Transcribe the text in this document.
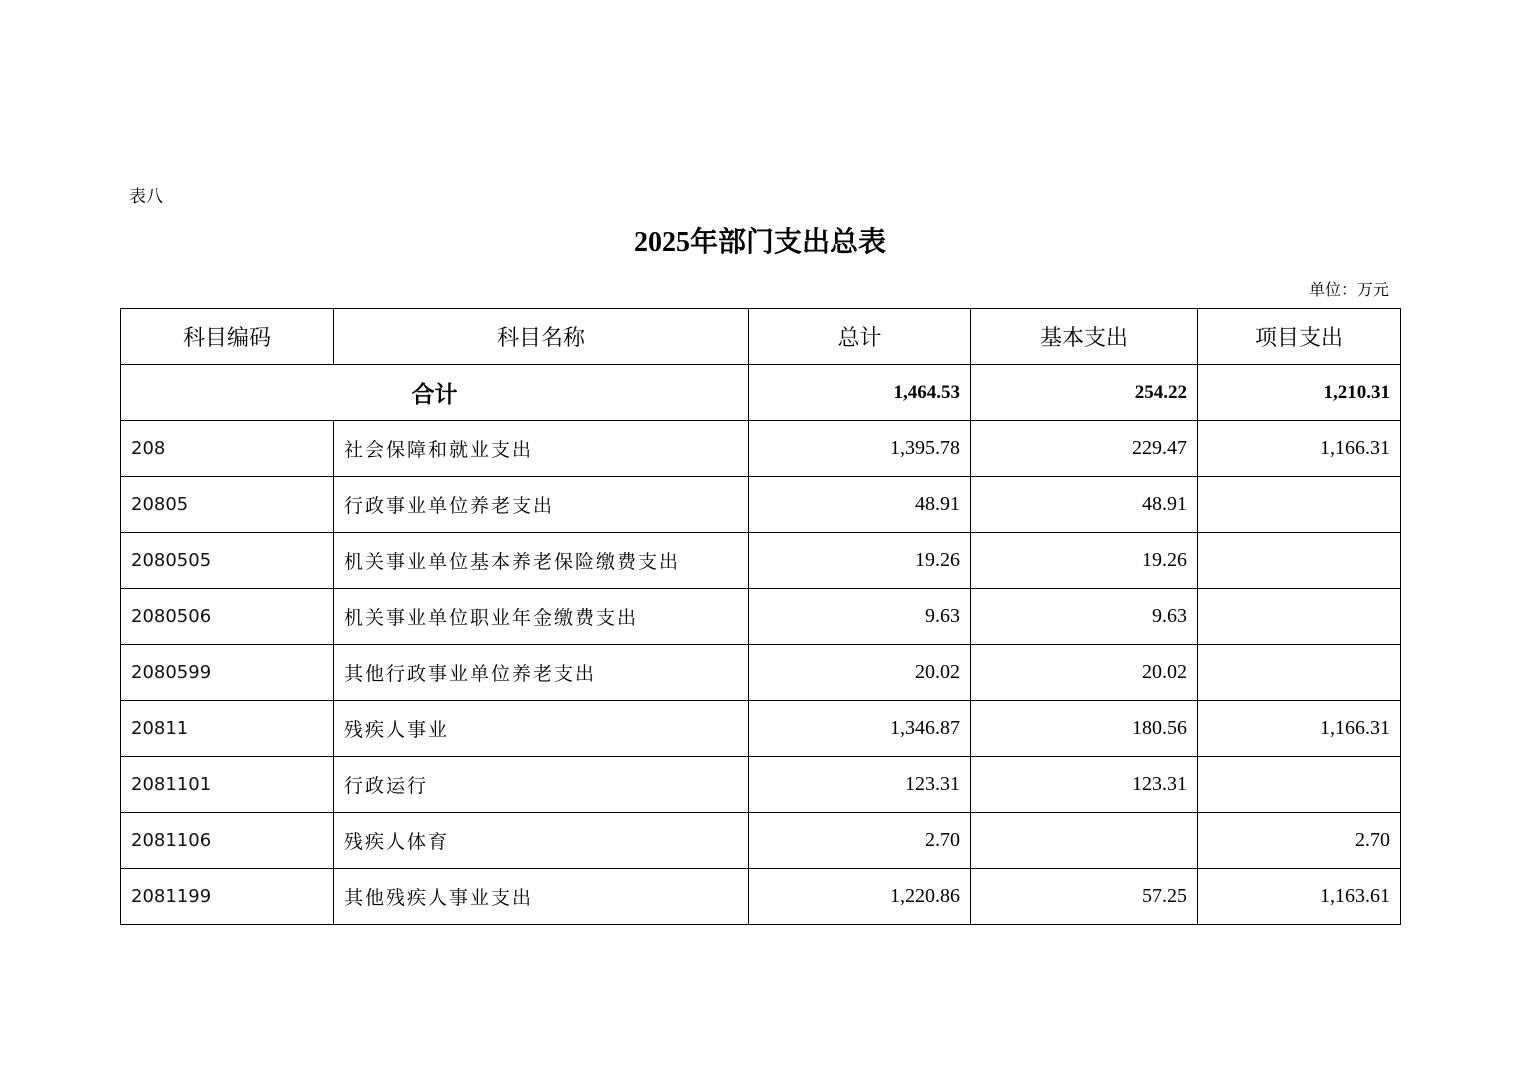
表八
2025年部门支出总表
单位：万元
科目编码	科目名称	总计	基本支出	项目支出
合计		1,464.53	254.22	1,210.31
208	社会保障和就业支出	1,395.78	229.47	1,166.31
20805	行政事业单位养老支出	48.91	48.91	
2080505	机关事业单位基本养老保险缴费支出	19.26	19.26	
2080506	机关事业单位职业年金缴费支出	9.63	9.63	
2080599	其他行政事业单位养老支出	20.02	20.02	
20811	残疾人事业	1,346.87	180.56	1,166.31
2081101	行政运行	123.31	123.31	
2081106	残疾人体育	2.70		2.70
2081199	其他残疾人事业支出	1,220.86	57.25	1,163.61
